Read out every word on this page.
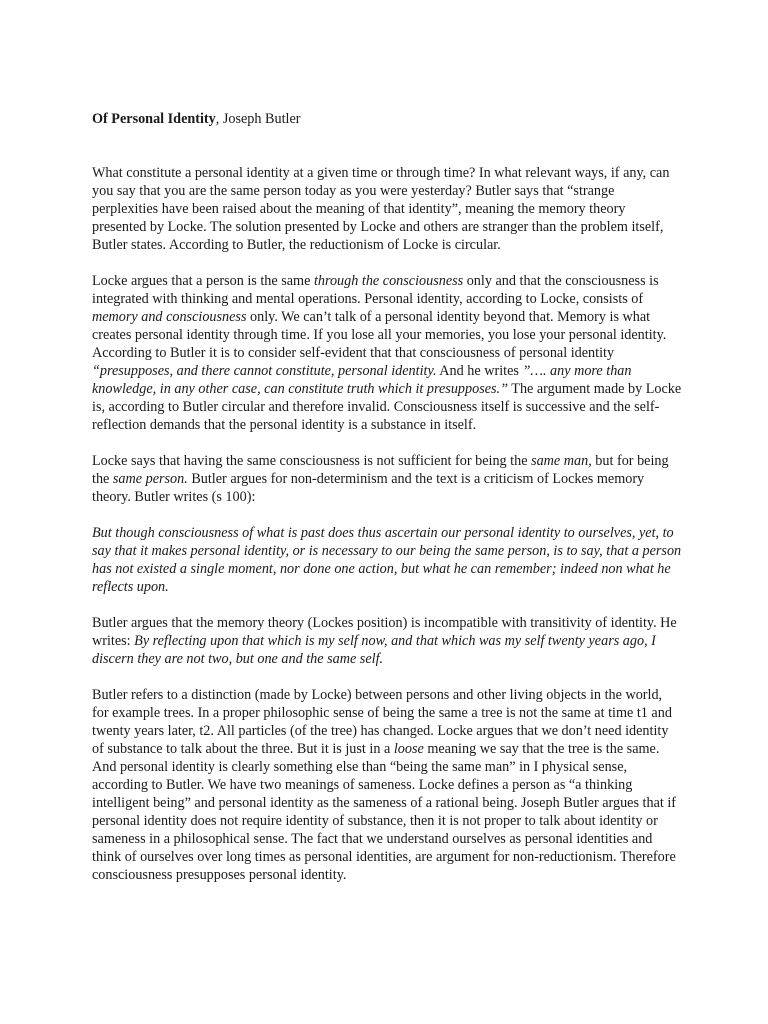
Of Personal Identity, Joseph Butler

What constitute a personal identity at a given time or through time? In what relevant ways, if any, can you say that you are the same person today as you were yesterday? Butler says that “strange perplexities have been raised about the meaning of that identity”, meaning the memory theory presented by Locke. The solution presented by Locke and others are stranger than the problem itself, Butler states. According to Butler, the reductionism of Locke is circular.

Locke argues that a person is the same through the consciousness only and that the consciousness is integrated with thinking and mental operations. Personal identity, according to Locke, consists of memory and consciousness only. We can’t talk of a personal identity beyond that. Memory is what creates personal identity through time. If you lose all your memories, you lose your personal identity. According to Butler it is to consider self-evident that that consciousness of personal identity “presupposes, and there cannot constitute, personal identity. And he writes ”…. any more than knowledge, in any other case, can constitute truth which it presupposes.” The argument made by Locke is, according to Butler circular and therefore invalid. Consciousness itself is successive and the self-reflection demands that the personal identity is a substance in itself.

Locke says that having the same consciousness is not sufficient for being the same man, but for being the same person. Butler argues for non-determinism and the text is a criticism of Lockes memory theory. Butler writes (s 100):

But though consciousness of what is past does thus ascertain our personal identity to ourselves, yet, to say that it makes personal identity, or is necessary to our being the same person, is to say, that a person has not existed a single moment, nor done one action, but what he can remember; indeed non what he reflects upon.

Butler argues that the memory theory (Lockes position) is incompatible with transitivity of identity. He writes: By reflecting upon that which is my self now, and that which was my self twenty years ago, I discern they are not two, but one and the same self.

Butler refers to a distinction (made by Locke) between persons and other living objects in the world, for example trees. In a proper philosophic sense of being the same a tree is not the same at time t1 and twenty years later, t2. All particles (of the tree) has changed. Locke argues that we don’t need identity of substance to talk about the three. But it is just in a loose meaning we say that the tree is the same. And personal identity is clearly something else than “being the same man” in I physical sense, according to Butler. We have two meanings of sameness. Locke defines a person as “a thinking intelligent being” and personal identity as the sameness of a rational being. Joseph Butler argues that if personal identity does not require identity of substance, then it is not proper to talk about identity or sameness in a philosophical sense. The fact that we understand ourselves as personal identities and think of ourselves over long times as personal identities, are argument for non-reductionism. Therefore consciousness presupposes personal identity.
